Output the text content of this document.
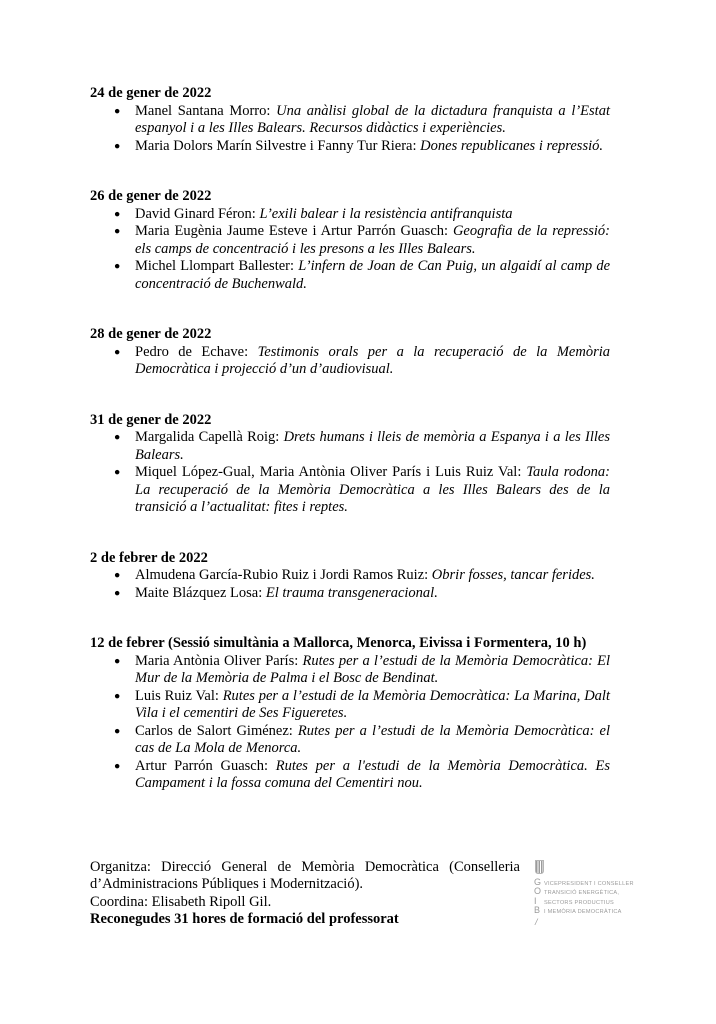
24 de gener de 2022
● Manel Santana Morro: Una anàlisi global de la dictadura franquista a l’Estat espanyol i a les Illes Balears. Recursos didàctics i experiències.
● Maria Dolors Marín Silvestre i Fanny Tur Riera: Dones republicanes i repressió.
26 de gener de 2022
● David Ginard Féron: L’exili balear i la resistència antifranquista
● Maria Eugènia Jaume Esteve i Artur Parrón Guasch: Geografia de la repressió: els camps de concentració i les presons a les Illes Balears.
● Michel Llompart Ballester: L’infern de Joan de Can Puig, un algaidí al camp de concentració de Buchenwald.
28 de gener de 2022
● Pedro de Echave: Testimonis orals per a la recuperació de la Memòria Democràtica i projecció d’un d’audiovisual.
31 de gener de 2022
● Margalida Capellà Roig: Drets humans i lleis de memòria a Espanya i a les Illes Balears.
● Miquel López-Gual, Maria Antònia Oliver París i Luis Ruiz Val: Taula rodona: La recuperació de la Memòria Democràtica a les Illes Balears des de la transició a l’actualitat: fites i reptes.
2 de febrer de 2022
● Almudena García-Rubio Ruiz i Jordi Ramos Ruiz: Obrir fosses, tancar ferides.
● Maite Blázquez Losa: El trauma transgeneracional.
12 de febrer (Sessió simultània a Mallorca, Menorca, Eivissa i Formentera, 10 h)
● Maria Antònia Oliver París: Rutes per a l’estudi de la Memòria Democràtica: El Mur de la Memòria de Palma i el Bosc de Bendinat.
● Luis Ruiz Val: Rutes per a l’estudi de la Memòria Democràtica: La Marina, Dalt Vila i el cementiri de Ses Figueretes.
● Carlos de Salort Giménez: Rutes per a l’estudi de la Memòria Democràtica: el cas de La Mola de Menorca.
● Artur Parrón Guasch: Rutes per a l'estudi de la Memòria Democràtica. Es Campament i la fossa comuna del Cementiri nou.

Organitza: Direcció General de Memòria Democràtica (Conselleria d’Administracions Públiques i Modernització).

Coordina: Elisabeth Ripoll Gil.

Reconegudes 31 hores de formació del professorat

G VICEPRESIDENT I CONSELLER
O TRANSICIÓ ENERGÈTICA,
I	SECTORS PRODUCTIUS
B I MEMÒRIA DEMOCRÀTICA
/
